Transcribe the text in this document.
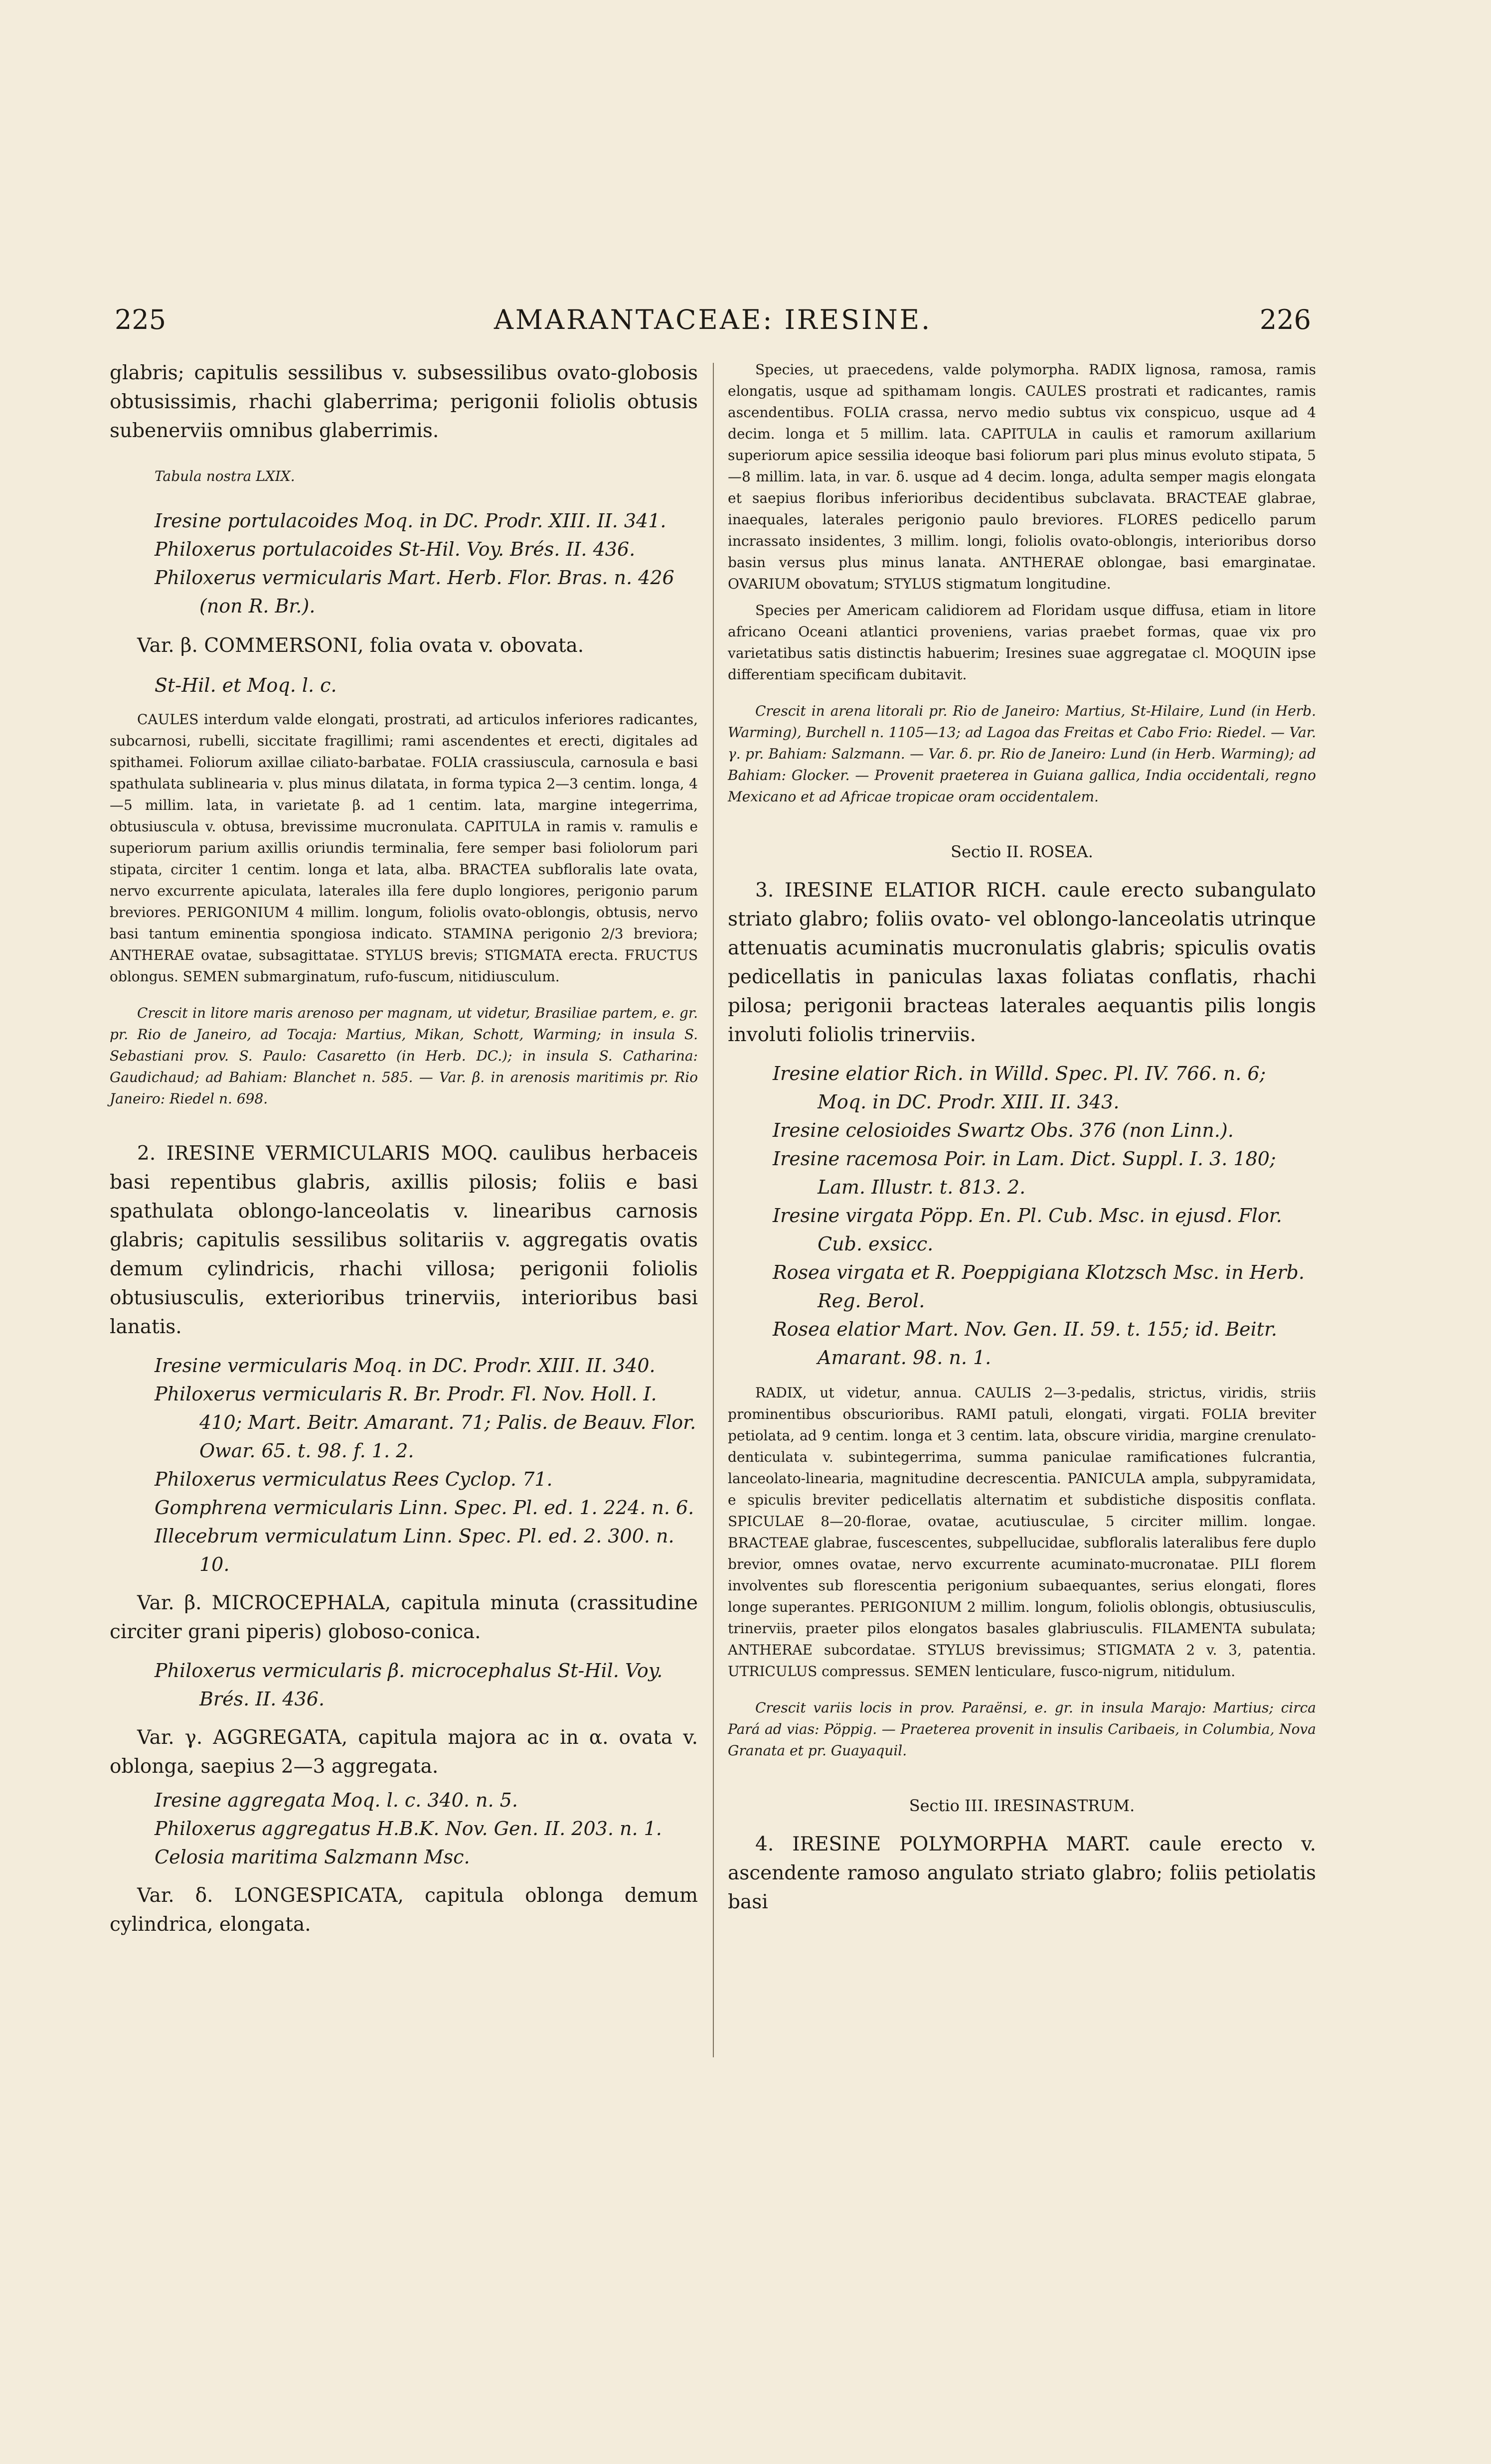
225	AMARANTACEAE: IRESINE.	226

glabris; capitulis sessilibus v. subsessilibus ovato-globosis obtusissimis, rhachi glaberrima; perigonii foliolis obtusis subenerviis omnibus glaberrimis.

Tabula nostra LXIX.

Iresine portulacoides Moq. in DC. Prodr. XIII. II. 341.

Philoxerus portulacoides St-Hil. Voy. Brés. II. 436.

Philoxerus vermicularis Mart. Herb. Flor. Bras. n. 426 (non R. Br.).

Var. β. COMMERSONI, folia ovata v. obovata.

St-Hil. et Moq. l. c.

CAULES interdum valde elongati, prostrati, ad articulos inferiores radicantes, subcarnosi, rubelli, siccitate fragillimi; rami ascendentes et erecti, digitales ad spithamei. Foliorum axillae ciliato-barbatae. FOLIA crassiuscula, carnosula e basi spathulata sublinearia v. plus minus dilatata, in forma typica 2—3 centim. longa, 4—5 millim. lata, in varietate β. ad 1 centim. lata, margine integerrima, obtusiuscula v. obtusa, brevissime mucronulata. CAPITULA in ramis v. ramulis e superiorum parium axillis oriundis terminalia, fere semper basi foliolorum pari stipata, circiter 1 centim. longa et lata, alba. BRACTEA subfloralis late ovata, nervo excurrente apiculata, laterales illa fere duplo longiores, perigonio parum breviores. PERIGONIUM 4 millim. longum, foliolis ovato-oblongis, obtusis, nervo basi tantum eminentia spongiosa indicato. STAMINA perigonio 2/3 breviora; ANTHERAE ovatae, subsagittatae. STYLUS brevis; STIGMATA erecta. FRUCTUS oblongus. SEMEN submarginatum, rufo-fuscum, nitidiusculum.

Crescit in litore maris arenoso per magnam, ut videtur, Brasiliae partem, e. gr. pr. Rio de Janeiro, ad Tocaja: Martius, Mikan, Schott, Warming; in insula S. Sebastiani prov. S. Paulo: Casaretto (in Herb. DC.); in insula S. Catharina: Gaudichaud; ad Bahiam: Blanchet n. 585. — Var. β. in arenosis maritimis pr. Rio Janeiro: Riedel n. 698.

2. IRESINE VERMICULARIS MOQ. caulibus herbaceis basi repentibus glabris, axillis pilosis; foliis e basi spathulata oblongo-lanceolatis v. linearibus carnosis glabris; capitulis sessilibus solitariis v. aggregatis ovatis demum cylindricis, rhachi villosa; perigonii foliolis obtusiusculis, exterioribus trinerviis, interioribus basi lanatis.

Iresine vermicularis Moq. in DC. Prodr. XIII. II. 340.

Philoxerus vermicularis R. Br. Prodr. Fl. Nov. Holl. I. 410; Mart. Beitr. Amarant. 71; Palis. de Beauv. Flor. Owar. 65. t. 98. f. 1. 2.

Philoxerus vermiculatus Rees Cyclop. 71.

Gomphrena vermicularis Linn. Spec. Pl. ed. 1. 224. n. 6.

Illecebrum vermiculatum Linn. Spec. Pl. ed. 2. 300. n. 10.

Var. β. MICROCEPHALA, capitula minuta (crassitudine circiter grani piperis) globoso-conica.

Philoxerus vermicularis β. microcephalus St-Hil. Voy. Brés. II. 436.

Var. γ. AGGREGATA, capitula majora ac in α. ovata v. oblonga, saepius 2—3 aggregata.

Iresine aggregata Moq. l. c. 340. n. 5.

Philoxerus aggregatus H.B.K. Nov. Gen. II. 203. n. 1.

Celosia maritima Salzmann Msc.

Var. δ. LONGESPICATA, capitula oblonga demum cylindrica, elongata.

Species, ut praecedens, valde polymorpha. RADIX lignosa, ramosa, ramis elongatis, usque ad spithamam longis. CAULES prostrati et radicantes, ramis ascendentibus. FOLIA crassa, nervo medio subtus vix conspicuo, usque ad 4 decim. longa et 5 millim. lata. CAPITULA in caulis et ramorum axillarium superiorum apice sessilia ideoque basi foliorum pari plus minus evoluto stipata, 5—8 millim. lata, in var. δ. usque ad 4 decim. longa, adulta semper magis elongata et saepius floribus inferioribus decidentibus subclavata. BRACTEAE glabrae, inaequales, laterales perigonio paulo breviores. FLORES pedicello parum incrassato insidentes, 3 millim. longi, foliolis ovato-oblongis, interioribus dorso basin versus plus minus lanata. ANTHERAE oblongae, basi emarginatae. OVARIUM obovatum; STYLUS stigmatum longitudine.

Species per Americam calidiorem ad Floridam usque diffusa, etiam in litore africano Oceani atlantici proveniens, varias praebet formas, quae vix pro varietatibus satis distinctis habuerim; Iresines suae aggregatae cl. MOQUIN ipse differentiam specificam dubitavit.

Crescit in arena litorali pr. Rio de Janeiro: Martius, St-Hilaire, Lund (in Herb. Warming), Burchell n. 1105—13; ad Lagoa das Freitas et Cabo Frio: Riedel. — Var. γ. pr. Bahiam: Salzmann. — Var. δ. pr. Rio de Janeiro: Lund (in Herb. Warming); ad Bahiam: Glocker. — Provenit praeterea in Guiana gallica, India occidentali, regno Mexicano et ad Africae tropicae oram occidentalem.

Sectio II. ROSEA.

3. IRESINE ELATIOR RICH. caule erecto subangulato striato glabro; foliis ovato- vel oblongo-lanceolatis utrinque attenuatis acuminatis mucronulatis glabris; spiculis ovatis pedicellatis in paniculas laxas foliatas conflatis, rhachi pilosa; perigonii bracteas laterales aequantis pilis longis involuti foliolis trinerviis.

Iresine elatior Rich. in Willd. Spec. Pl. IV. 766. n. 6; Moq. in DC. Prodr. XIII. II. 343.

Iresine celosioides Swartz Obs. 376 (non Linn.).

Iresine racemosa Poir. in Lam. Dict. Suppl. I. 3. 180; Lam. Illustr. t. 813. 2.

Iresine virgata Pöpp. En. Pl. Cub. Msc. in ejusd. Flor. Cub. exsicc.

Rosea virgata et R. Poeppigiana Klotzsch Msc. in Herb. Reg. Berol.

Rosea elatior Mart. Nov. Gen. II. 59. t. 155; id. Beitr. Amarant. 98. n. 1.

RADIX, ut videtur, annua. CAULIS 2—3-pedalis, strictus, viridis, striis prominentibus obscurioribus. RAMI patuli, elongati, virgati. FOLIA breviter petiolata, ad 9 centim. longa et 3 centim. lata, obscure viridia, margine crenulato-denticulata v. subintegerrima, summa paniculae ramificationes fulcrantia, lanceolato-linearia, magnitudine decrescentia. PANICULA ampla, subpyramidata, e spiculis breviter pedicellatis alternatim et subdistiche dispositis conflata. SPICULAE 8—20-florae, ovatae, acutiusculae, 5 circiter millim. longae. BRACTEAE glabrae, fuscescentes, subpellucidae, subfloralis lateralibus fere duplo brevior, omnes ovatae, nervo excurrente acuminato-mucronatae. PILI florem involventes sub florescentia perigonium subaequantes, serius elongati, flores longe superantes. PERIGONIUM 2 millim. longum, foliolis oblongis, obtusiusculis, trinerviis, praeter pilos elongatos basales glabriusculis. FILAMENTA subulata; ANTHERAE subcordatae. STYLUS brevissimus; STIGMATA 2 v. 3, patentia. UTRICULUS compressus. SEMEN lenticulare, fusco-nigrum, nitidulum.

Crescit variis locis in prov. Paraënsi, e. gr. in insula Marajo: Martius; circa Pará ad vias: Pöppig. — Praeterea provenit in insulis Caribaeis, in Columbia, Nova Granata et pr. Guayaquil.

Sectio III. IRESINASTRUM.

4. IRESINE POLYMORPHA MART. caule erecto v. ascendente ramoso angulato striato glabro; foliis petiolatis basi
